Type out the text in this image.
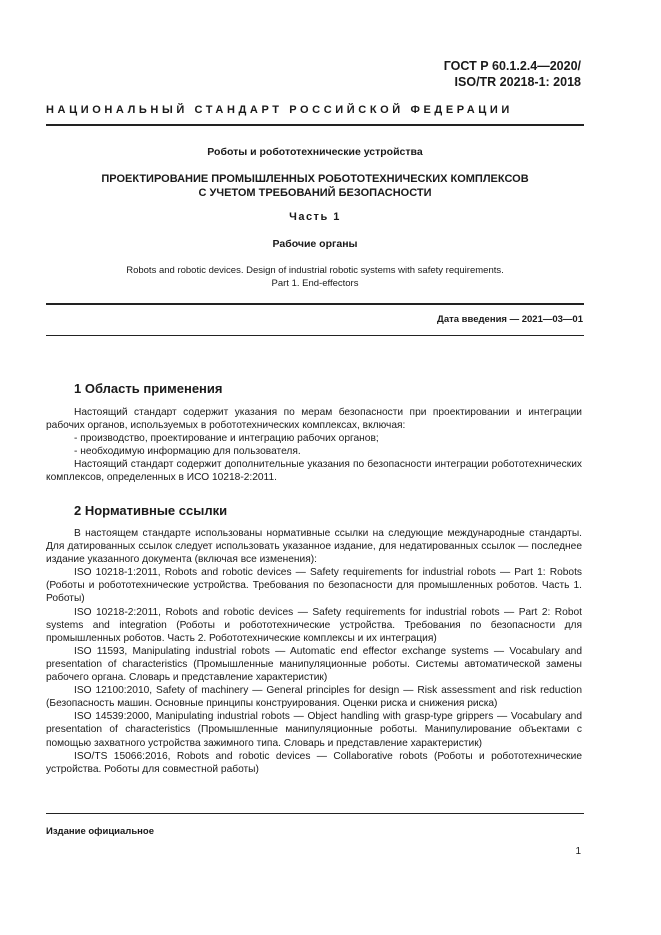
ГОСТ Р 60.1.2.4—2020/
ISO/TR 20218-1: 2018
НАЦИОНАЛЬНЫЙ СТАНДАРТ РОССИЙСКОЙ ФЕДЕРАЦИИ
Роботы и робототехнические устройства
ПРОЕКТИРОВАНИЕ ПРОМЫШЛЕННЫХ РОБОТОТЕХНИЧЕСКИХ КОМПЛЕКСОВ
С УЧЕТОМ ТРЕБОВАНИЙ БЕЗОПАСНОСТИ
Часть 1
Рабочие органы
Robots and robotic devices. Design of industrial robotic systems with safety requirements.
Part 1. End-effectors
Дата введения — 2021—03—01
1 Область применения

Настоящий стандарт содержит указания по мерам безопасности при проектировании и интеграции рабочих органов, используемых в робототехнических комплексах, включая:

- производство, проектирование и интеграцию рабочих органов;

- необходимую информацию для пользователя.

Настоящий стандарт содержит дополнительные указания по безопасности интеграции робототехнических комплексов, определенных в ИСО 10218-2:2011.

2 Нормативные ссылки

В настоящем стандарте использованы нормативные ссылки на следующие международные стандарты. Для датированных ссылок следует использовать указанное издание, для недатированных ссылок — последнее издание указанного документа (включая все изменения):

ISO 10218-1:2011, Robots and robotic devices — Safety requirements for industrial robots — Part 1: Robots (Роботы и робототехнические устройства. Требования по безопасности для промышленных роботов. Часть 1. Роботы)

ISO 10218-2:2011, Robots and robotic devices — Safety requirements for industrial robots — Part 2: Robot systems and integration (Роботы и робототехнические устройства. Требования по безопасности для промышленных роботов. Часть 2. Робототехнические комплексы и их интеграция)

ISO 11593, Manipulating industrial robots — Automatic end effector exchange systems — Vocabulary and presentation of characteristics (Промышленные манипуляционные роботы. Системы автоматической замены рабочего органа. Словарь и представление характеристик)

ISO 12100:2010, Safety of machinery — General principles for design — Risk assessment and risk reduction (Безопасность машин. Основные принципы конструирования. Оценки риска и снижения риска)

ISO 14539:2000, Manipulating industrial robots — Object handling with grasp-type grippers — Vocabulary and presentation of characteristics (Промышленные манипуляционные роботы. Манипулирование объектами с помощью захватного устройства зажимного типа. Словарь и представление характеристик)

ISO/TS 15066:2016, Robots and robotic devices — Collaborative robots (Роботы и робототехнические устройства. Роботы для совместной работы)

Издание официальное
1
